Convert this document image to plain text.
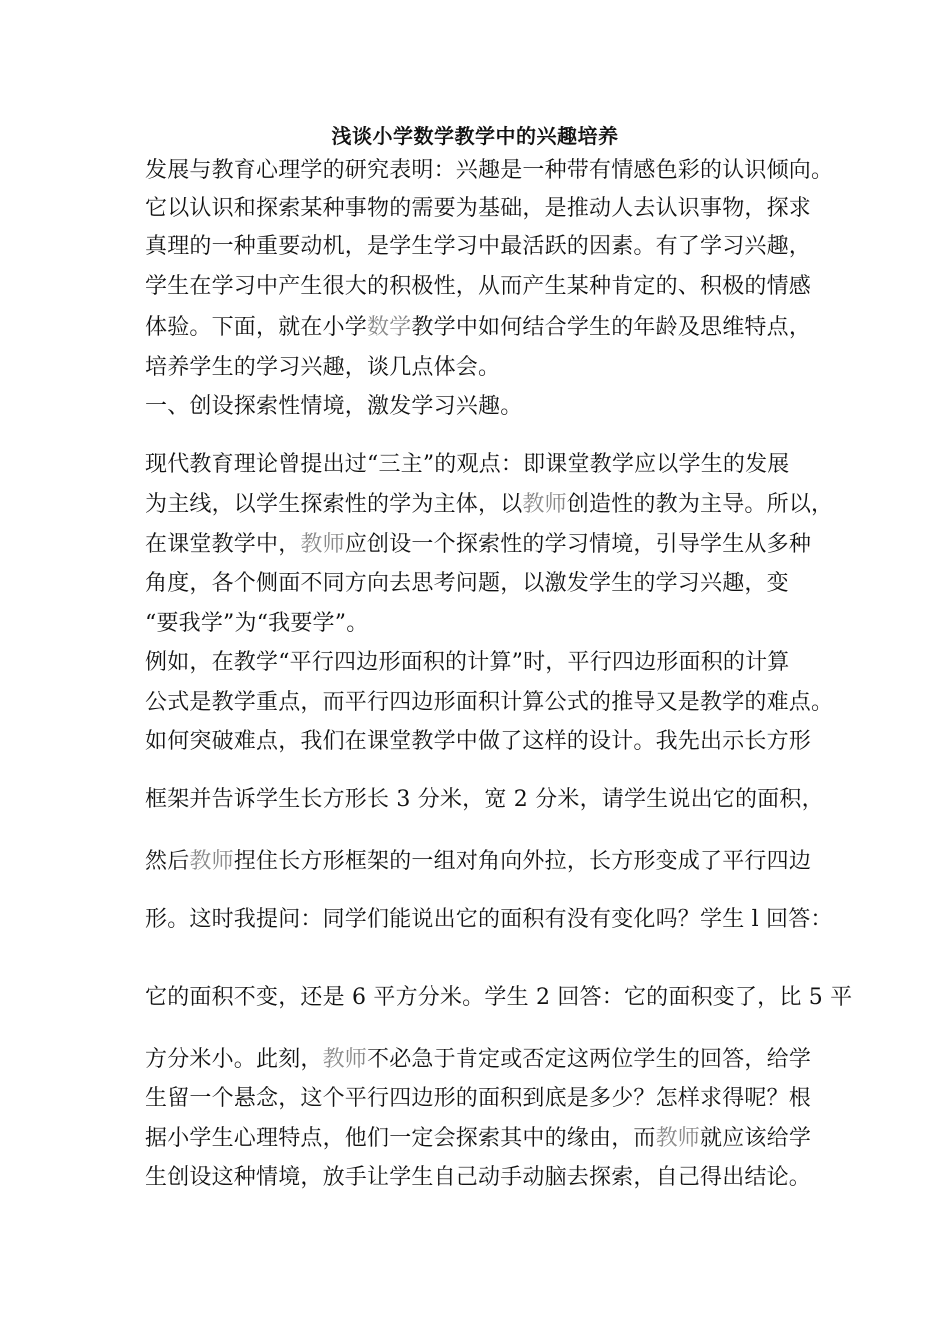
浅谈小学数学教学中的兴趣培养
发展与教育心理学的研究表明：兴趣是一种带有情感色彩的认识倾向。
它以认识和探索某种事物的需要为基础，是推动人去认识事物，探求
真理的一种重要动机，是学生学习中最活跃的因素。有了学习兴趣，
学生在学习中产生很大的积极性，从而产生某种肯定的、积极的情感
体验。下面，就在小学数学教学中如何结合学生的年龄及思维特点，
培养学生的学习兴趣，谈几点体会。
一、创设探索性情境，激发学习兴趣。
现代教育理论曾提出过“三主”的观点：即课堂教学应以学生的发展
为主线，以学生探索性的学为主体，以教师创造性的教为主导。所以，
在课堂教学中，教师应创设一个探索性的学习情境，引导学生从多种
角度，各个侧面不同方向去思考问题，以激发学生的学习兴趣，变
“要我学”为“我要学”。
例如，在教学“平行四边形面积的计算”时，平行四边形面积的计算
公式是教学重点，而平行四边形面积计算公式的推导又是教学的难点。
如何突破难点，我们在课堂教学中做了这样的设计。我先出示长方形
框架并告诉学生长方形长 3 分米，宽 2 分米，请学生说出它的面积，
然后教师捏住长方形框架的一组对角向外拉，长方形变成了平行四边
形。这时我提问：同学们能说出它的面积有没有变化吗？学生 l 回答：
它的面积不变，还是 6 平方分米。学生 2 回答：它的面积变了，比 5 平
方分米小。此刻，教师不必急于肯定或否定这两位学生的回答，给学
生留一个悬念，这个平行四边形的面积到底是多少？怎样求得呢？根
据小学生心理特点，他们一定会探索其中的缘由，而教师就应该给学
生创设这种情境，放手让学生自己动手动脑去探索，自己得出结论。
